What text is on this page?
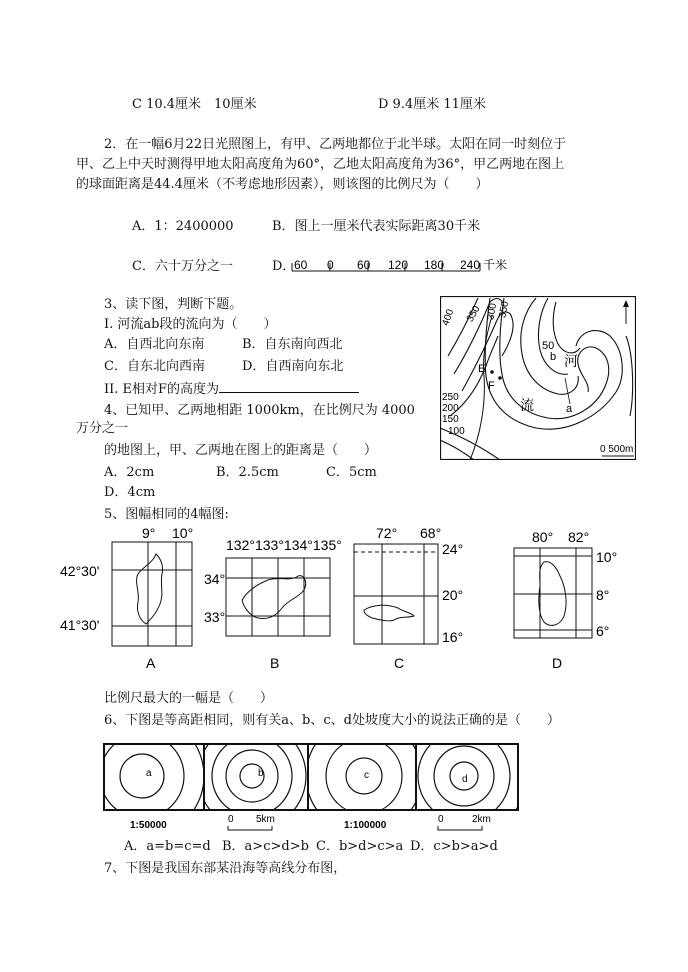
C 10.4厘米　10厘米	D 9.4厘米 11厘米
2．在一幅6月22日光照图上，有甲、乙两地都位于北半球。太阳在同一时刻位于
甲、乙上中天时测得甲地太阳高度角为60°，乙地太阳高度角为36°，甲乙两地在图上
的球面距离是44.4厘米（不考虑地形因素），则该图的比例尺为（　　）
A．1：2400000	B．图上一厘米代表实际距离30千米
C．六十万分之一	D．
60 0 60 120 180 240 千米
3、读下图，判断下题。
I. 河流ab段的流向为（　　）
A．自西北向东南	B．自东南向西北
C．自东北向西南	D．自西南向东北
II. E相对F的高度为
400 350 300
350
50
250
200
150
100
E
F
b
a
河
流
0 500m
4、已知甲、乙两地相距 1000km，在比例尺为 4000
万分之一
的地图上，甲、乙两地在图上的距离是（　　）
A．2cm	B．2.5cm	C．5cm
D．4cm
5、图幅相同的4幅图:
9° 10°
42°30'
41°30'
A
132°133°134°135°
34°
33°
B
72° 68°
24°
20°
16°
C
80° 82°
10°
8°
6°
D
比例尺最大的一幅是（　　）
6、下图是等高距相同，则有关a、b、c、d处坡度大小的说法正确的是（　　）
a	b	c	d
1:50000
0 5km
1:100000
0	2km
A．a=b=c=d B．a>c>d>b C．b>d>c>a D．c>b>a>d
7、下图是我国东部某沿海等高线分布图，
